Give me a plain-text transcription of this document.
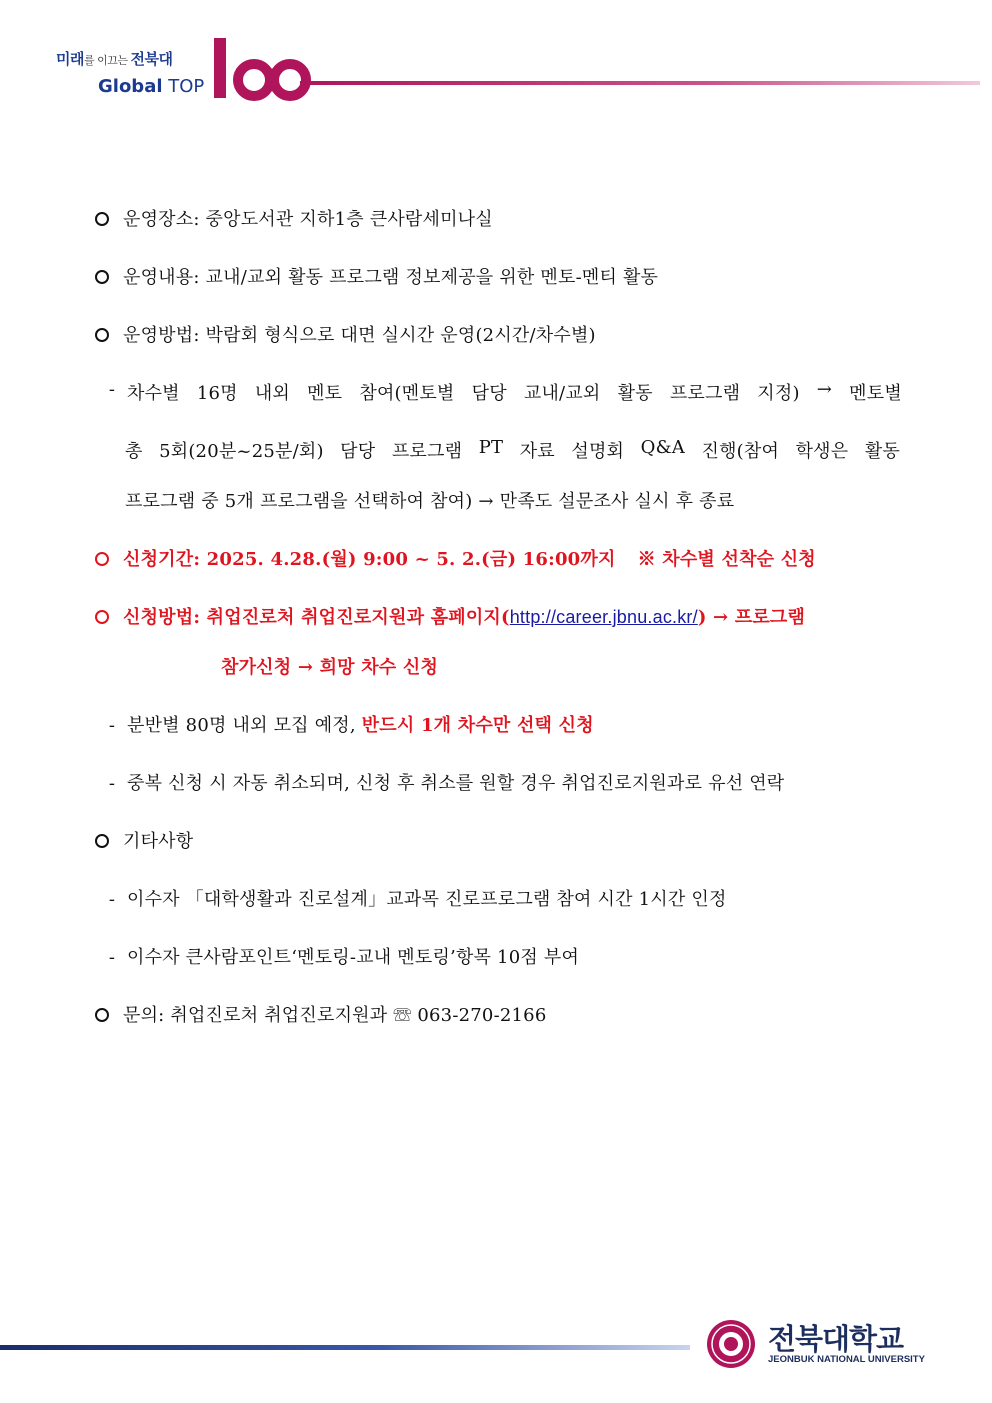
미래를 이끄는 전북대
Global TOP
운영장소: 중앙도서관 지하1층 큰사람세미나실
운영내용: 교내/교외 활동 프로그램 정보제공을 위한 멘토-멘티 활동
운영방법: 박람회 형식으로 대면 실시간 운영(2시간/차수별)
- 차수별 16명 내외 멘토 참여(멘토별 담당 교내/교외 활동 프로그램 지정) → 멘토별
총 5회(20분~25분/회) 담당 프로그램 PT 자료 설명회 Q&A 진행(참여 학생은 활동
프로그램 중 5개 프로그램을 선택하여 참여) → 만족도 설문조사 실시 후 종료
신청기간: 2025. 4.28.(월) 9:00 ~ 5. 2.(금) 16:00까지 ※ 차수별 선착순 신청
신청방법: 취업진로처 취업진로지원과 홈페이지(http://career.jbnu.ac.kr/) → 프로그램
참가신청 → 희망 차수 신청
- 분반별 80명 내외 모집 예정, 반드시 1개 차수만 선택 신청
- 중복 신청 시 자동 취소되며, 신청 후 취소를 원할 경우 취업진로지원과로 유선 연락
기타사항
- 이수자 「대학생활과 진로설계」교과목 진로프로그램 참여 시간 1시간 인정
- 이수자 큰사람포인트‘멘토링-교내 멘토링’항목 10점 부여
문의: 취업진로처 취업진로지원과 ☏ 063-270-2166
전북대학교
JEONBUK NATIONAL UNIVERSITY
